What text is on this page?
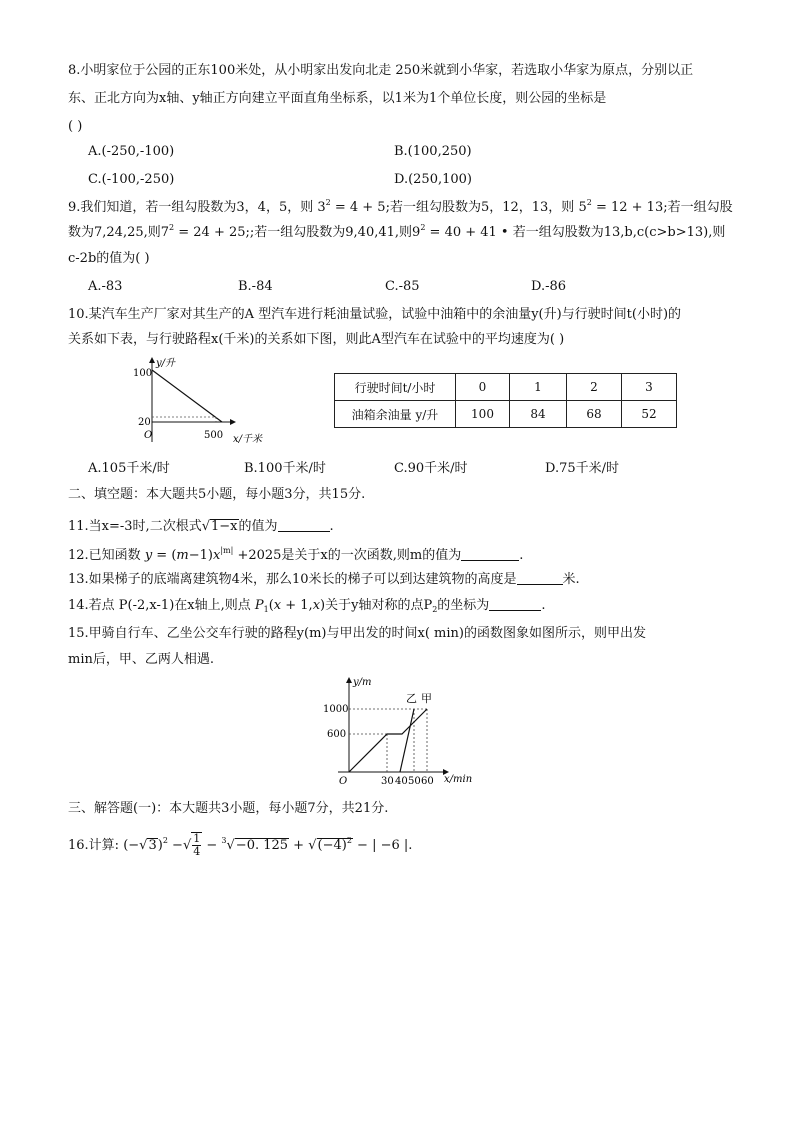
8.小明家位于公园的正东100米处，从小明家出发向北走 250米就到小华家，若选取小华家为原点，分别以正
东、正北方向为x轴、y轴正方向建立平面直角坐标系，以1米为1个单位长度，则公园的坐标是
( )
A.(-250,-100)	B.(100,250)
C.(-100,-250)	D.(250,100)
9.我们知道，若一组勾股数为3，4，5，则 $3^2 = 4 + 5$;若一组勾股数为5，12，13，则 $5^2 = 12 + 13$;若一组勾股
数为7,24,25,则$7^2 = 24 + 25$;;若一组勾股数为9,40,41,则$9^2 = 40 + 41$ • 若一组勾股数为13,b,c(c>b>13),则
c-2b的值为( )
A.-83	B.-84	C.-85	D.-86
10.某汽车生产厂家对其生产的A 型汽车进行耗油量试验，试验中油箱中的余油量y(升)与行驶时间t(小时)的
关系如下表，与行驶路程x(千米)的关系如下图，则此A型汽车在试验中的平均速度为( )
100
20
O	500
y/升
x/千米
行驶时间t/小时	0	1	2	3
油箱余油量 y/升	100	84	68	52
A.105千米/时	B.100千米/时	C.90千米/时	D.75千米/时
二、填空题：本大题共5小题，每小题3分，共15分.
11.当x=-3时,二次根式√1−x的值为	.
12.已知函数 $y = (m-1)x^{|m|} +2025$是关于x的一次函数,则m的值为	.
13.如果梯子的底端离建筑物4米，那么10米长的梯子可以到达建筑物的高度是	米.
14.若点 P(-2,x-1)在x轴上,则点 $P_1(x + 1,x)$关于y轴对称的点$P_2$的坐标为	.
15.甲骑自行车、乙坐公交车行驶的路程y(m)与甲出发的时间x( min)的函数图象如图所示，则甲出发
min后，甲、乙两人相遇.
乙 甲
1000
600
O	30 40 50 60
y/m
x/min
三、解答题(一)：本大题共3小题，每小题7分，共21分.
16.计算: $(-√3)^2$ −√ $\frac{1}{4} - ^3√-0$. $125 + √(-4)^2$ − | −6 |.
